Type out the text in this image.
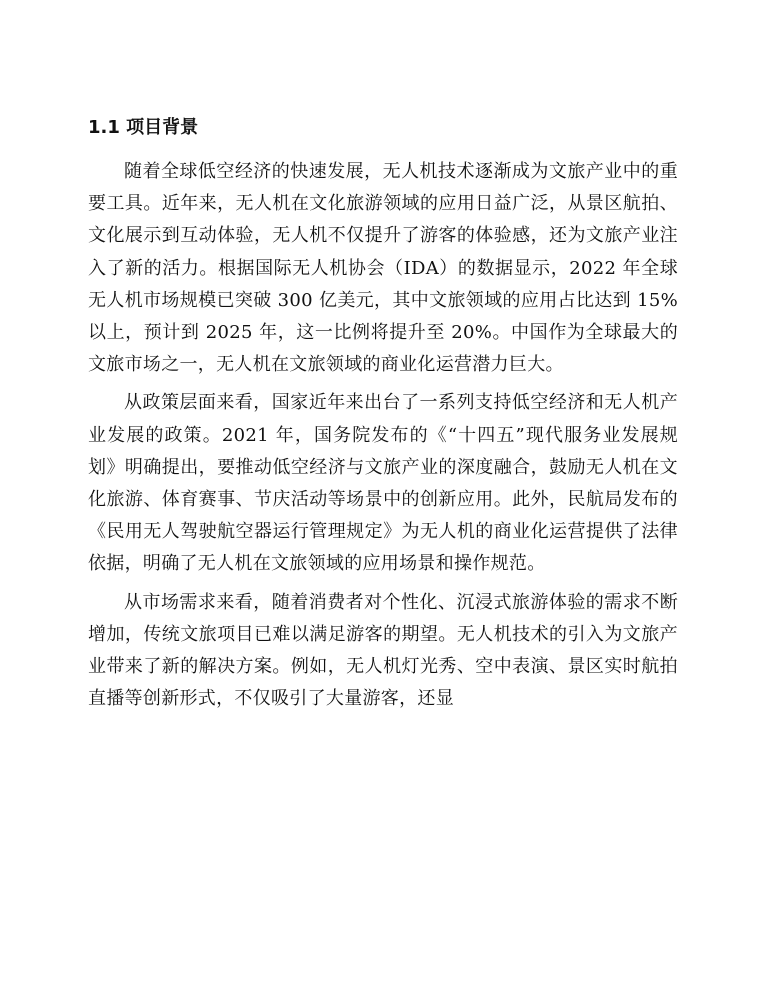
1.1 项目背景

随着全球低空经济的快速发展，无人机技术逐渐成为文旅产业中的重要工具。近年来，无人机在文化旅游领域的应用日益广泛，从景区航拍、文化展示到互动体验，无人机不仅提升了游客的体验感，还为文旅产业注入了新的活力。根据国际无人机协会（IDA）的数据显示，2022 年全球无人机市场规模已突破 300 亿美元，其中文旅领域的应用占比达到 15%以上，预计到 2025 年，这一比例将提升至 20%。中国作为全球最大的文旅市场之一，无人机在文旅领域的商业化运营潜力巨大。

从政策层面来看，国家近年来出台了一系列支持低空经济和无人机产业发展的政策。2021 年，国务院发布的《“十四五”现代服务业发展规划》明确提出，要推动低空经济与文旅产业的深度融合，鼓励无人机在文化旅游、体育赛事、节庆活动等场景中的创新应用。此外，民航局发布的《民用无人驾驶航空器运行管理规定》为无人机的商业化运营提供了法律依据，明确了无人机在文旅领域的应用场景和操作规范。

从市场需求来看，随着消费者对个性化、沉浸式旅游体验的需求不断增加，传统文旅项目已难以满足游客的期望。无人机技术的引入为文旅产业带来了新的解决方案。例如，无人机灯光秀、空中表演、景区实时航拍直播等创新形式，不仅吸引了大量游客，还显
